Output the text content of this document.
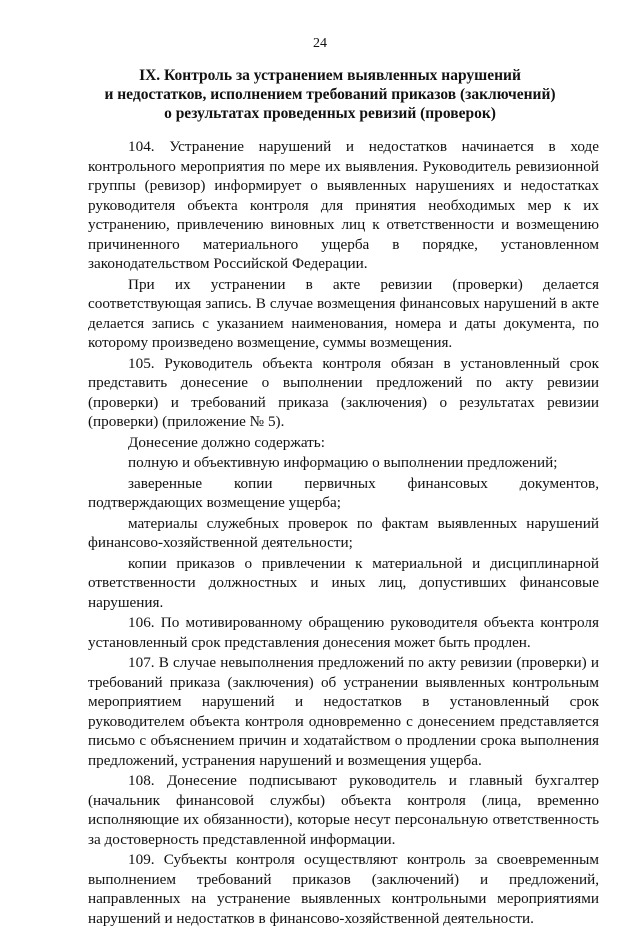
24
IX. Контроль за устранением выявленных нарушений
и недостатков, исполнением требований приказов (заключений)
о результатах проведенных ревизий (проверок)

104. Устранение нарушений и недостатков начинается в ходе контрольного мероприятия по мере их выявления. Руководитель ревизионной группы (ревизор) информирует о выявленных нарушениях и недостатках руководителя объекта контроля для принятия необходимых мер к их устранению, привлечению виновных лиц к ответственности и возмещению причиненного материального ущерба в порядке, установленном законодательством Российской Федерации.

При их устранении в акте ревизии (проверки) делается соответствующая запись. В случае возмещения финансовых нарушений в акте делается запись с указанием наименования, номера и даты документа, по которому произведено возмещение, суммы возмещения.

105. Руководитель объекта контроля обязан в установленный срок представить донесение о выполнении предложений по акту ревизии (проверки) и требований приказа (заключения) о результатах ревизии (проверки) (приложение № 5).

Донесение должно содержать:

полную и объективную информацию о выполнении предложений;

заверенные копии первичных финансовых документов, подтверждающих возмещение ущерба;

материалы служебных проверок по фактам выявленных нарушений финансово-хозяйственной деятельности;

копии приказов о привлечении к материальной и дисциплинарной ответственности должностных и иных лиц, допустивших финансовые нарушения.

106. По мотивированному обращению руководителя объекта контроля установленный срок представления донесения может быть продлен.

107. В случае невыполнения предложений по акту ревизии (проверки) и требований приказа (заключения) об устранении выявленных контрольным мероприятием нарушений и недостатков в установленный срок руководителем объекта контроля одновременно с донесением представляется письмо с объяснением причин и ходатайством о продлении срока выполнения предложений, устранения нарушений и возмещения ущерба.

108. Донесение подписывают руководитель и главный бухгалтер (начальник финансовой службы) объекта контроля (лица, временно исполняющие их обязанности), которые несут персональную ответственность за достоверность представленной информации.

109. Субъекты контроля осуществляют контроль за своевременным выполнением требований приказов (заключений) и предложений, направленных на устранение выявленных контрольными мероприятиями нарушений и недостатков в финансово-хозяйственной деятельности.
